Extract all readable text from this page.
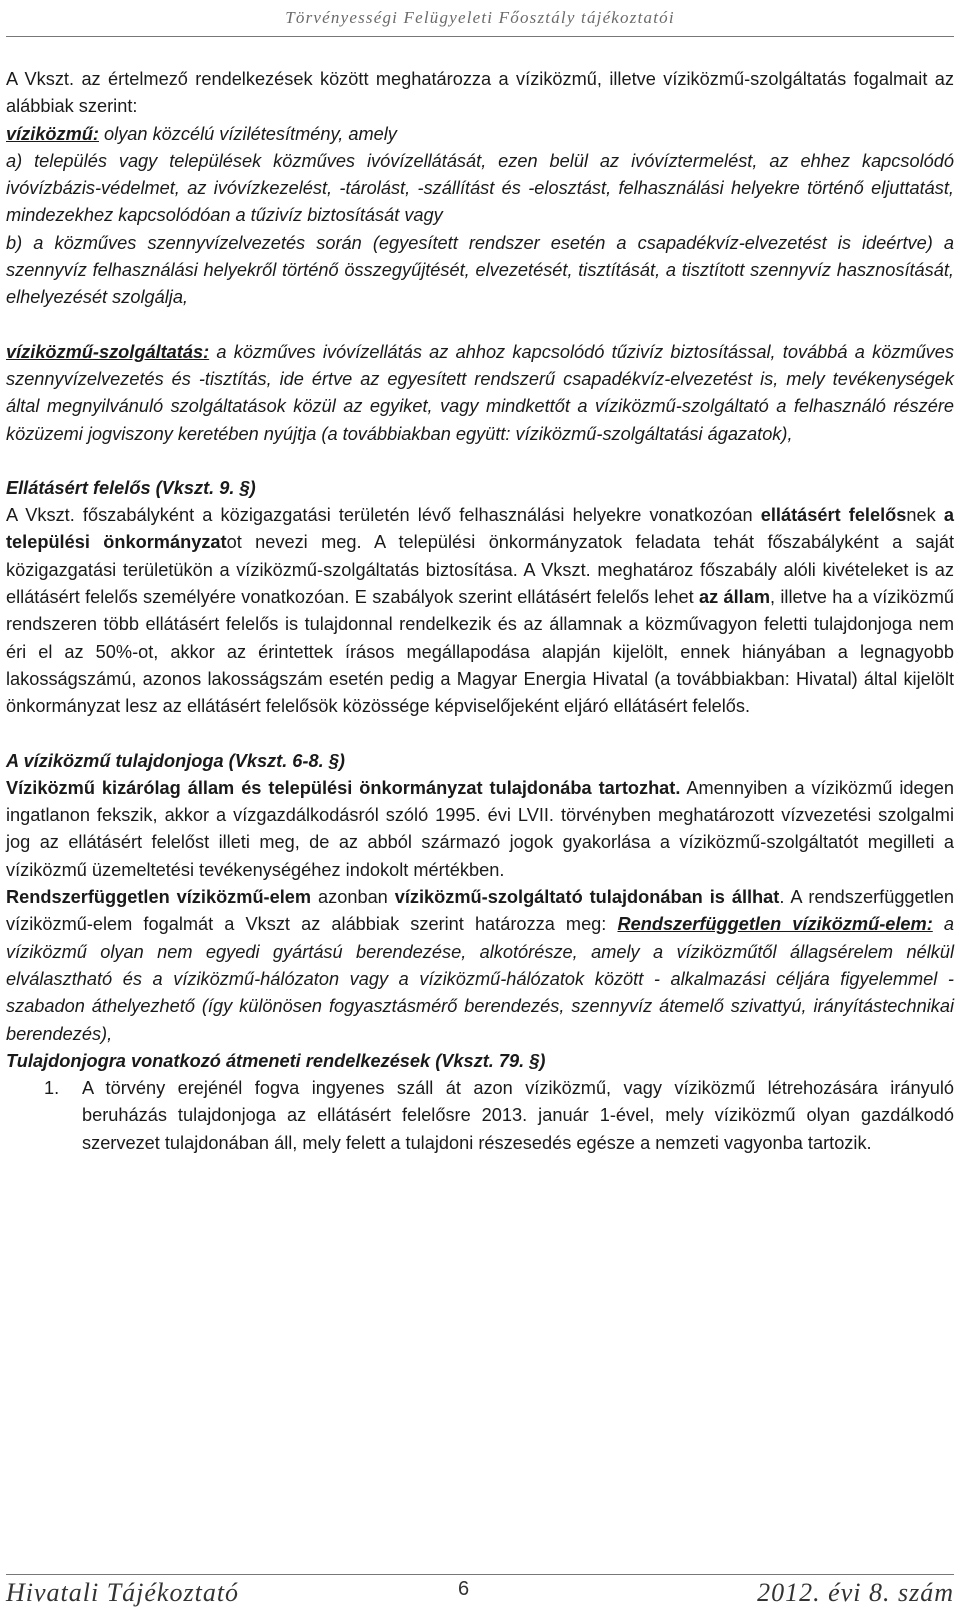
Törvényességi Felügyeleti Főosztály tájékoztatói

A Vkszt. az értelmező rendelkezések között meghatározza a víziközmű, illetve víziközmű-szolgáltatás fogalmait az alábbiak szerint:

víziközmű: olyan közcélú vízilétesítmény, amely

a) település vagy települések közműves ivóvízellátását, ezen belül az ivóvíztermelést, az ehhez kapcsolódó ivóvízbázis-védelmet, az ivóvízkezelést, -tárolást, -szállítást és -elosztást, felhasználási helyekre történő eljuttatást, mindezekhez kapcsolódóan a tűzivíz biztosítását vagy

b) a közműves szennyvízelvezetés során (egyesített rendszer esetén a csapadékvíz-elvezetést is ideértve) a szennyvíz felhasználási helyekről történő összegyűjtését, elvezetését, tisztítását, a tisztított szennyvíz hasznosítását, elhelyezését szolgálja,

víziközmű-szolgáltatás: a közműves ivóvízellátás az ahhoz kapcsolódó tűzivíz biztosítással, továbbá a közműves szennyvízelvezetés és -tisztítás, ide értve az egyesített rendszerű csapadékvíz-elvezetést is, mely tevékenységek által megnyilvánuló szolgáltatások közül az egyiket, vagy mindkettőt a víziközmű-szolgáltató a felhasználó részére közüzemi jogviszony keretében nyújtja (a továbbiakban együtt: víziközmű-szolgáltatási ágazatok),

Ellátásért felelős (Vkszt. 9. §)

A Vkszt. főszabályként a közigazgatási területén lévő felhasználási helyekre vonatkozóan ellátásért felelősnek a települési önkormányzatot nevezi meg. A települési önkormányzatok feladata tehát főszabályként a saját közigazgatási területükön a víziközmű-szolgáltatás biztosítása. A Vkszt. meghatároz főszabály alóli kivételeket is az ellátásért felelős személyére vonatkozóan. E szabályok szerint ellátásért felelős lehet az állam, illetve ha a víziközmű rendszeren több ellátásért felelős is tulajdonnal rendelkezik és az államnak a közművagyon feletti tulajdonjoga nem éri el az 50%-ot, akkor az érintettek írásos megállapodása alapján kijelölt, ennek hiányában a legnagyobb lakosságszámú, azonos lakosságszám esetén pedig a Magyar Energia Hivatal (a továbbiakban: Hivatal) által kijelölt önkormányzat lesz az ellátásért felelősök közössége képviselőjeként eljáró ellátásért felelős.

A víziközmű tulajdonjoga (Vkszt. 6-8. §)

Víziközmű kizárólag állam és települési önkormányzat tulajdonába tartozhat. Amennyiben a víziközmű idegen ingatlanon fekszik, akkor a vízgazdálkodásról szóló 1995. évi LVII. törvényben meghatározott vízvezetési szolgalmi jog az ellátásért felelőst illeti meg, de az abból származó jogok gyakorlása a víziközmű-szolgáltatót megilleti a víziközmű üzemeltetési tevékenységéhez indokolt mértékben.

Rendszerfüggetlen víziközmű-elem azonban víziközmű-szolgáltató tulajdonában is állhat. A rendszerfüggetlen víziközmű-elem fogalmát a Vkszt az alábbiak szerint határozza meg: Rendszerfüggetlen víziközmű-elem: a víziközmű olyan nem egyedi gyártású berendezése, alkotórésze, amely a víziközműtől állagsérelem nélkül elválasztható és a víziközmű-hálózaton vagy a víziközmű-hálózatok között - alkalmazási céljára figyelemmel - szabadon áthelyezhető (így különösen fogyasztásmérő berendezés, szennyvíz átemelő szivattyú, irányítástechnikai berendezés),

Tulajdonjogra vonatkozó átmeneti rendelkezések (Vkszt. 79. §)

1. A törvény erejénél fogva ingyenes száll át azon víziközmű, vagy víziközmű létrehozására irányuló beruházás tulajdonjoga az ellátásért felelősre 2013. január 1-ével, mely víziközmű olyan gazdálkodó szervezet tulajdonában áll, mely felett a tulajdoni részesedés egésze a nemzeti vagyonba tartozik.
Hivatali Tájékoztató	6	2012. évi 8. szám
